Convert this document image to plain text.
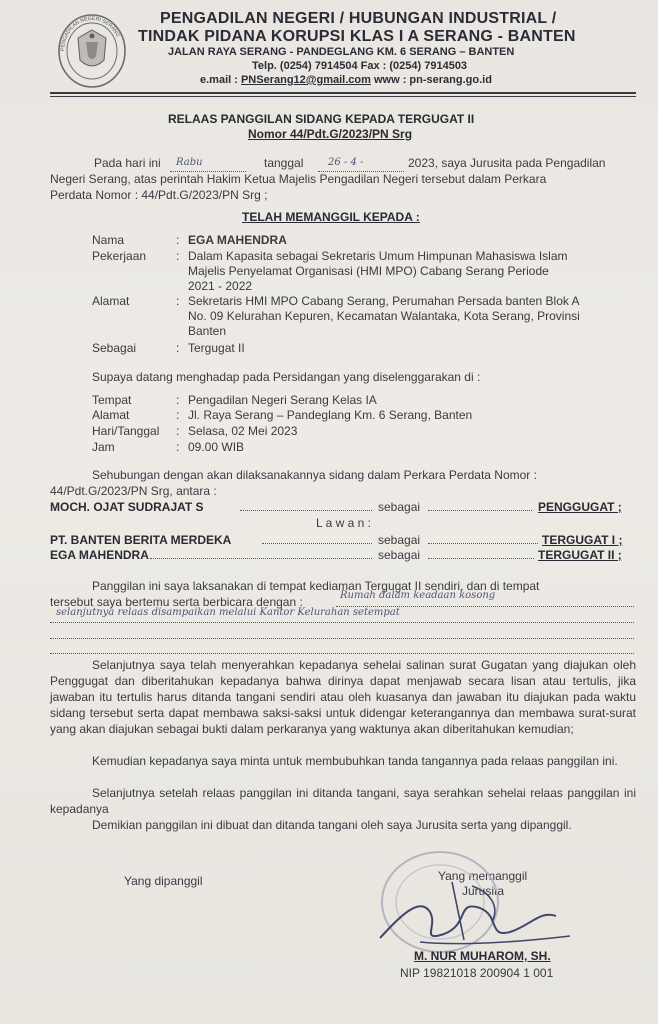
PENGADILAN NEGERI SERANG
PENGADILAN NEGERI / HUBUNGAN INDUSTRIAL /
TINDAK PIDANA KORUPSI KLAS I A SERANG - BANTEN
JALAN RAYA SERANG - PANDEGLANG KM. 6 SERANG – BANTEN
Telp. (0254) 7914504 Fax : (0254) 7914503
e.mail : PNSerang12@gmail.com www : pn-serang.go.id
RELAAS PANGGILAN SIDANG KEPADA TERGUGAT II
Nomor 44/Pdt.G/2023/PN Srg
Pada hari ini Rabu	tanggal 26 - 4 -	2023, saya Jurusita pada Pengadilan
Negeri Serang, atas perintah Hakim Ketua Majelis Pengadilan Negeri tersebut dalam Perkara
Perdata Nomor : 44/Pdt.G/2023/PN Srg ;
TELAH MEMANGGIL KEPADA :
Nama	: EGA MAHENDRA
Pekerjaan : Dalam Kapasita sebagai Sekretaris Umum Himpunan Mahasiswa Islam
Majelis Penyelamat Organisasi (HMI MPO) Cabang Serang Periode
2021 - 2022
Alamat	: Sekretaris HMI MPO Cabang Serang, Perumahan Persada banten Blok A
No. 09 Kelurahan Kepuren, Kecamatan Walantaka, Kota Serang, Provinsi
Banten
Sebagai	: Tergugat II
Supaya datang menghadap pada Persidangan yang diselenggarakan di :
Tempat	: Pengadilan Negeri Serang Kelas IA
Alamat	: Jl. Raya Serang – Pandeglang Km. 6 Serang, Banten
Hari/Tanggal : Selasa, 02 Mei 2023
Jam	: 09.00 WIB
Sehubungan dengan akan dilaksanakannya sidang dalam Perkara Perdata Nomor :
44/Pdt.G/2023/PN Srg, antara :
MOCH. OJAT SUDRAJAT S	sebagai	PENGGUGAT ;
L a w a n :
PT. BANTEN BERITA MERDEKA	sebagai	TERGUGAT I ;
EGA MAHENDRA	sebagai	TERGUGAT II ;
Panggilan ini saya laksanakan di tempat kediaman Tergugat II sendiri, dan di tempat
tersebut saya bertemu serta berbicara dengan :	Rumah dalam keadaan kosong
selanjutnya relaas disampaikan melalui Kantor Kelurahan setempat
Selanjutnya saya telah menyerahkan kepadanya sehelai salinan surat Gugatan yang diajukan oleh Penggugat dan diberitahukan kepadanya bahwa dirinya dapat menjawab secara lisan atau tertulis, jika jawaban itu tertulis harus ditanda tangani sendiri atau oleh kuasanya dan jawaban itu diajukan pada waktu sidang tersebut serta dapat membawa saksi-saksi untuk didengar keterangannya dan membawa surat-surat yang akan diajukan sebagai bukti dalam perkaranya yang waktunya akan diberitahukan kemudian;
Kemudian kepadanya saya minta untuk membubuhkan tanda tangannya pada relaas panggilan ini.
Selanjutnya setelah relaas panggilan ini ditanda tangani, saya serahkan sehelai relaas panggilan ini kepadanya
Demikian panggilan ini dibuat dan ditanda tangani oleh saya Jurusita serta yang dipanggil.
Yang dipanggil	Yang memanggil
Jurusita
M. NUR MUHAROM, SH.
NIP 19821018 200904 1 001
